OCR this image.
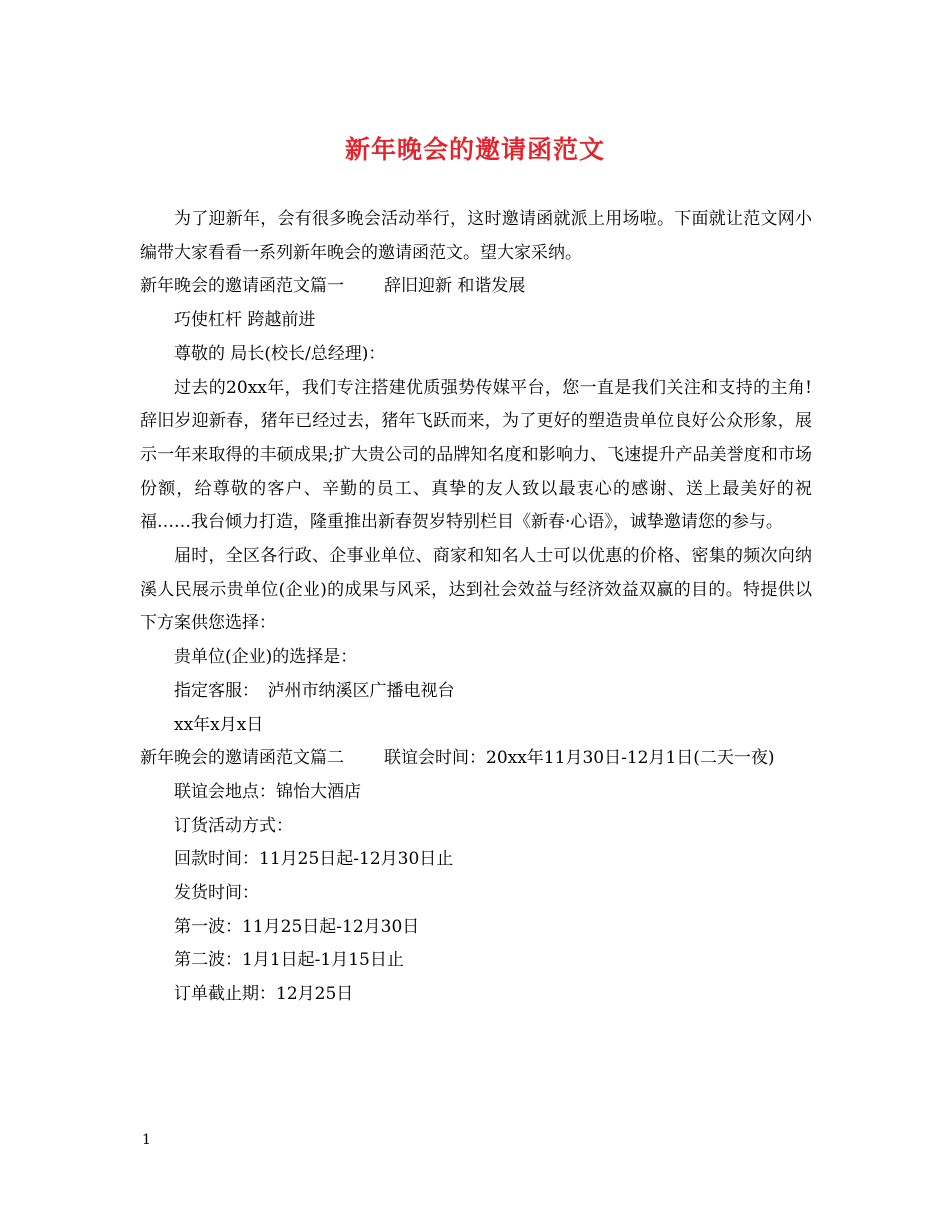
新年晚会的邀请函范文

为了迎新年，会有很多晚会活动举行，这时邀请函就派上用场啦。下面就让范文网小编带大家看看一系列新年晚会的邀请函范文。望大家采纳。

新年晚会的邀请函范文篇一 辞旧迎新 和谐发展

巧使杠杆 跨越前进

尊敬的 局长(校长/总经理)：

过去的20xx年，我们专注搭建优质强势传媒平台，您一直是我们关注和支持的主角!辞旧岁迎新春，猪年已经过去，猪年飞跃而来，为了更好的塑造贵单位良好公众形象，展示一年来取得的丰硕成果;扩大贵公司的品牌知名度和影响力、飞速提升产品美誉度和市场份额，给尊敬的客户、辛勤的员工、真挚的友人致以最衷心的感谢、送上最美好的祝福……我台倾力打造，隆重推出新春贺岁特别栏目《新春·心语》，诚挚邀请您的参与。

届时，全区各行政、企事业单位、商家和知名人士可以优惠的价格、密集的频次向纳溪人民展示贵单位(企业)的成果与风采，达到社会效益与经济效益双赢的目的。特提供以下方案供您选择：

贵单位(企业)的选择是：

指定客服：　泸州市纳溪区广播电视台

xx年x月x日

新年晚会的邀请函范文篇二 联谊会时间：20xx年11月30日-12月1日(二天一夜)

联谊会地点：锦怡大酒店

订货活动方式：

回款时间：11月25日起-12月30日止

发货时间：

第一波：11月25日起-12月30日

第二波：1月1日起-1月15日止

订单截止期：12月25日

1
